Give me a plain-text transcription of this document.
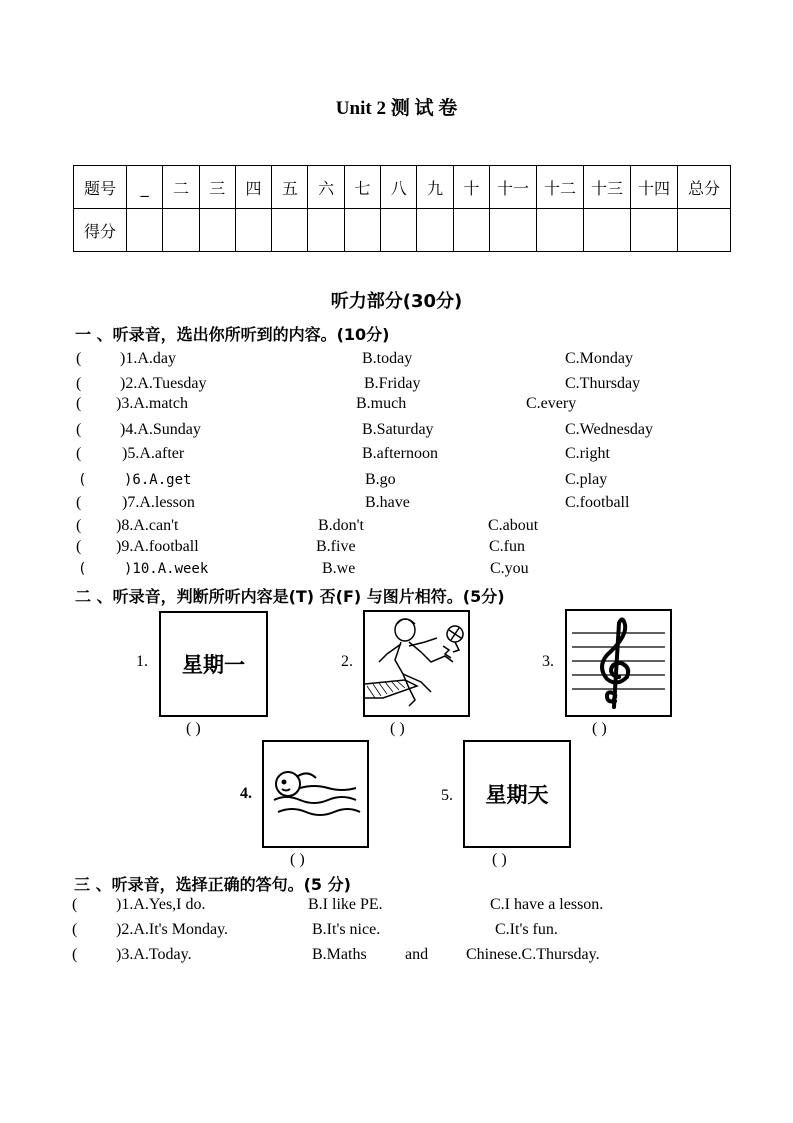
Unit 2 测 试 卷
题号	_	二	三	四	五	六	七	八	九	十	十一	十二	十三	十四	总分
得分															
听力部分(30分)
一 、听录音，选出你所听到的内容。(10分)
( )1.A.day	B.today	C.Monday
( )2.A.Tuesday	B.Friday	C.Thursday
( )3.A.match	B.much	C.every
( )4.A.Sunday	B.Saturday	C.Wednesday
(	)5.A.after	B.afternoon	C.right
(	)6.A.get	B.go	C.play
(	)7.A.lesson	B.have	C.football
( )8.A.can't	B.don't	C.about
( )9.A.football	B.five	C.fun
(	)10.A.week	B.we	C.you
二 、听录音，判断所听内容是(T) 否(F) 与图片相符。(5分)
1.	星期一
( )
2.
( )
3.
( )
4.
( )
5.	星期天
( )
三 、听录音，选择正确的答句。(5 分)
( )1.A.Yes,I do.	B.I like PE.	C.I have a lesson.
( )2.A.It's Monday.	B.It's nice.	C.It's fun.
( )3.A.Today.	B.Maths and Chinese.C.Thursday.
